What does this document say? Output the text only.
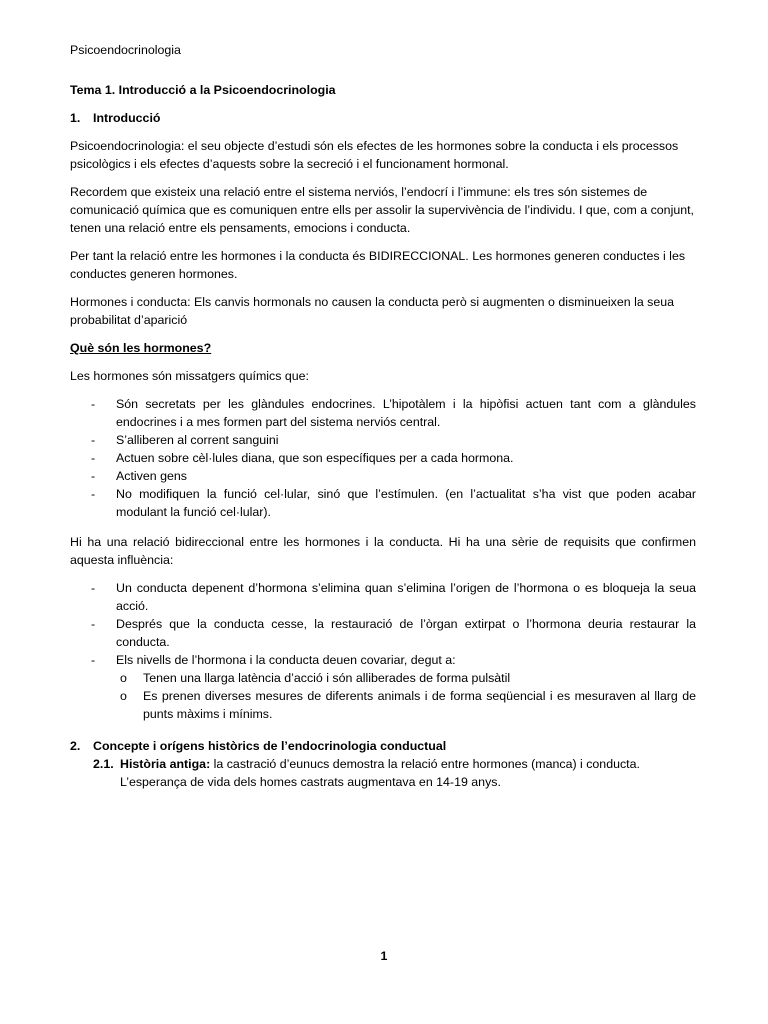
Psicoendocrinologia

Tema 1. Introducció a la Psicoendocrinologia

1.	Introducció

Psicoendocrinologia: el seu objecte d’estudi són els efectes de les hormones sobre la conducta i els processos psicològics i els efectes d’aquests sobre la secreció i el funcionament hormonal.

Recordem que existeix una relació entre el sistema nerviós, l’endocrí i l’immune: els tres són sistemes de comunicació química que es comuniquen entre ells per assolir la supervivència de l’individu. I que, com a conjunt, tenen una relació entre els pensaments, emocions i conducta.

Per tant la relació entre les hormones i la conducta és BIDIRECCIONAL. Les hormones generen conductes i les conductes generen hormones.

Hormones i conducta: Els canvis hormonals no causen la conducta però si augmenten o disminueixen la seua probabilitat d’aparició

Què són les hormones?

Les hormones són missatgers químics que:

-	Són secretats per les glàndules endocrines. L’hipotàlem i la hipòfisi actuen tant com a glàndules endocrines i a mes formen part del sistema nerviós central.
-	S’alliberen al corrent sanguini
-	Actuen sobre cèl·lules diana, que son específiques per a cada hormona.
-	Activen gens
-	No modifiquen la funció cel·lular, sinó que l’estímulen. (en l’actualitat s’ha vist que poden acabar modulant la funció cel·lular).

Hi ha una relació bidireccional entre les hormones i la conducta. Hi ha una sèrie de requisits que confirmen aquesta influència:

-	Un conducta depenent d’hormona s’elimina quan s’elimina l’origen de l’hormona o es bloqueja la seua acció.
-	Després que la conducta cesse, la restauració de l’òrgan extirpat o l’hormona deuria restaurar la conducta.
-	Els nivells de l’hormona i la conducta deuen covariar, degut a:
o	Tenen una llarga latència d’acció i són alliberades de forma pulsàtil
o	Es prenen diverses mesures de diferents animals i de forma seqüencial i es mesuraven al llarg de punts màxims i mínims.
2.	Concepte i orígens històrics de l’endocrinologia conductual
2.1. Història antiga: la castració d’eunucs demostra la relació entre hormones (manca) i conducta.
L’esperança de vida dels homes castrats augmentava en 14-19 anys.
1
